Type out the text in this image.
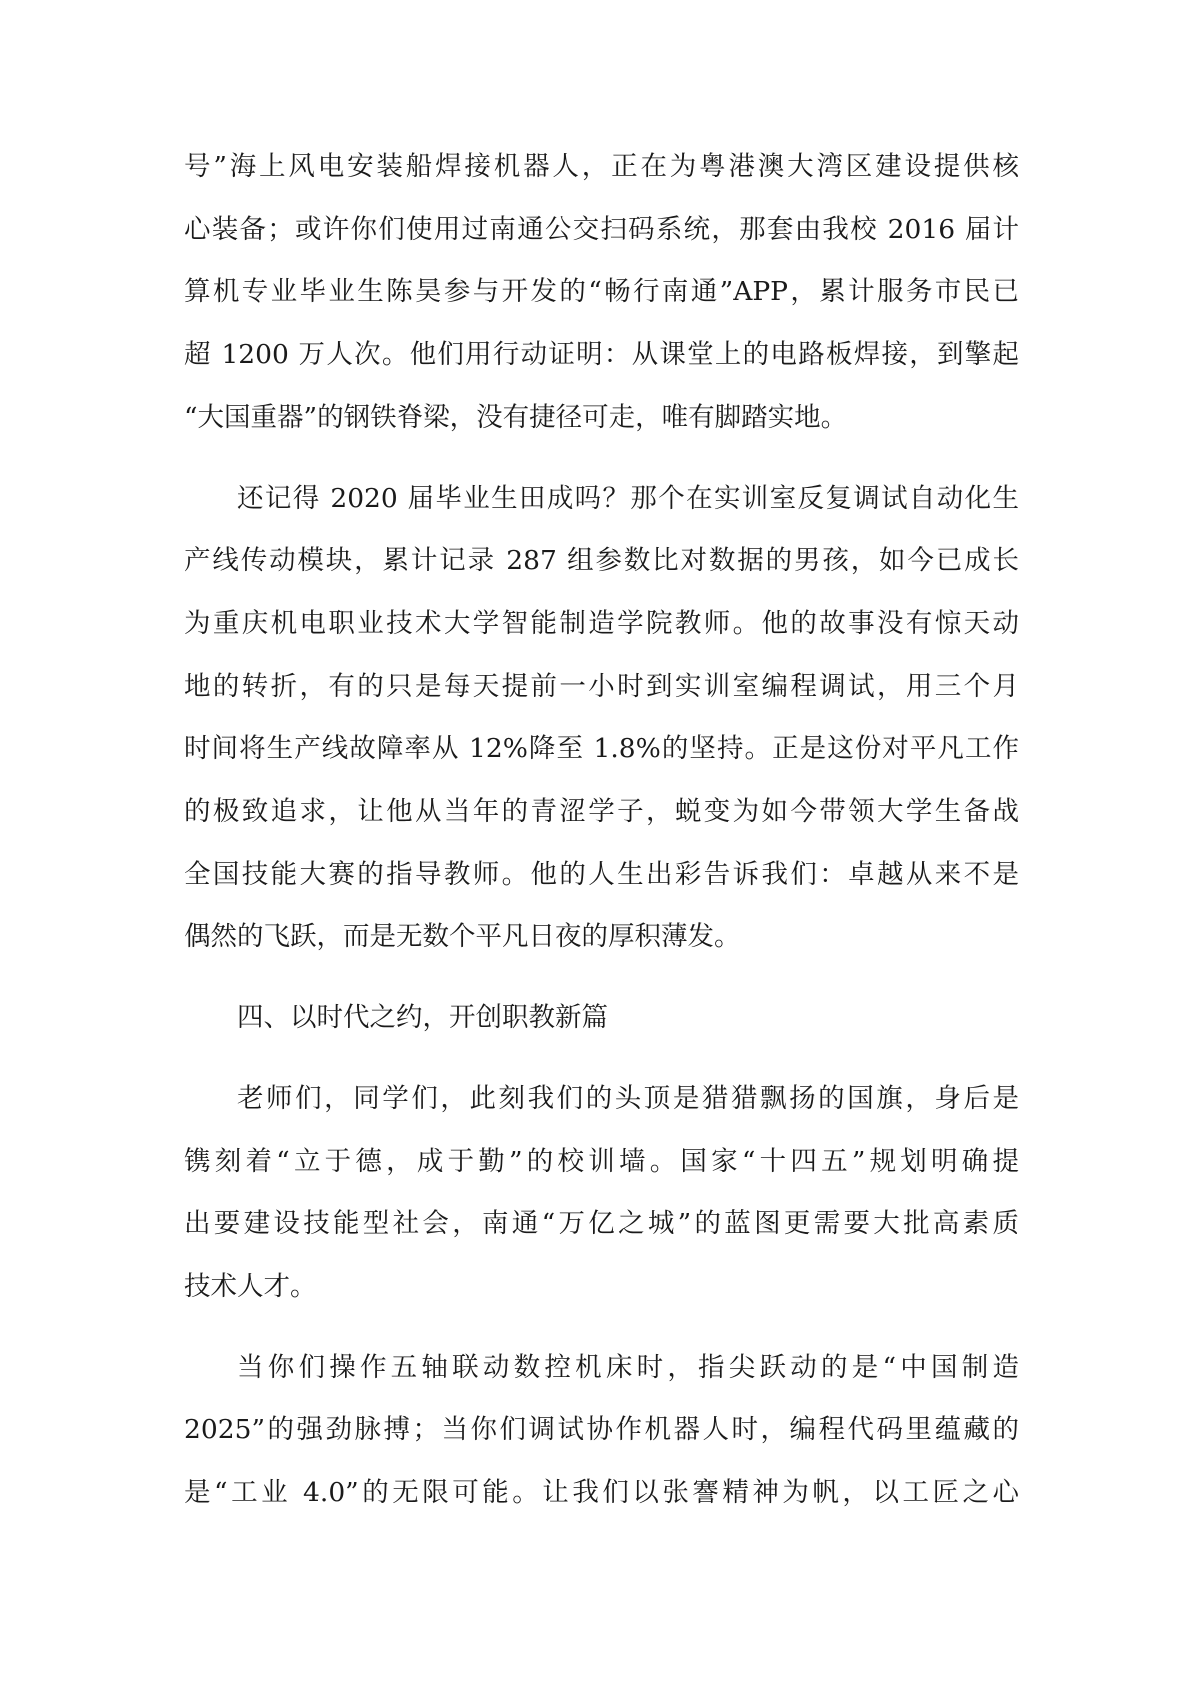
号”海上风电安装船焊接机器人，正在为粤港澳大湾区建设提供核
心装备；或许你们使用过南通公交扫码系统，那套由我校 2016 届计
算机专业毕业生陈昊参与开发的“畅行南通”APP，累计服务市民已
超 1200 万人次。他们用行动证明：从课堂上的电路板焊接，到擎起
“大国重器”的钢铁脊梁，没有捷径可走，唯有脚踏实地。
还记得 2020 届毕业生田成吗？那个在实训室反复调试自动化生
产线传动模块，累计记录 287 组参数比对数据的男孩，如今已成长
为重庆机电职业技术大学智能制造学院教师。他的故事没有惊天动
地的转折，有的只是每天提前一小时到实训室编程调试，用三个月
时间将生产线故障率从 12%降至 1.8%的坚持。正是这份对平凡工作
的极致追求，让他从当年的青涩学子，蜕变为如今带领大学生备战
全国技能大赛的指导教师。他的人生出彩告诉我们：卓越从来不是
偶然的飞跃，而是无数个平凡日夜的厚积薄发。
四、以时代之约，开创职教新篇
老师们，同学们，此刻我们的头顶是猎猎飘扬的国旗，身后是
镌刻着“立于德，成于勤”的校训墙。国家“十四五”规划明确提
出要建设技能型社会，南通“万亿之城”的蓝图更需要大批高素质
技术人才。
当你们操作五轴联动数控机床时，指尖跃动的是“中国制造
2025”的强劲脉搏；当你们调试协作机器人时，编程代码里蕴藏的
是“工业 4.0”的无限可能。让我们以张謇精神为帆，以工匠之心
